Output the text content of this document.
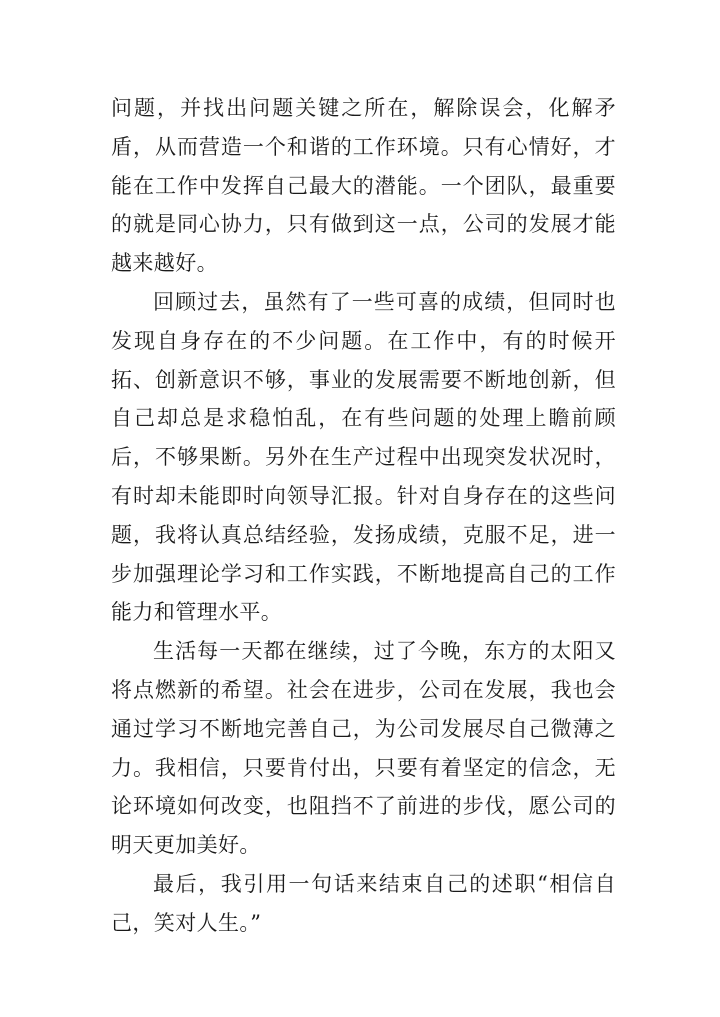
问题，并找出问题关键之所在，解除误会，化解矛盾，从而营造一个和谐的工作环境。只有心情好，才能在工作中发挥自己最大的潜能。一个团队，最重要的就是同心协力，只有做到这一点，公司的发展才能越来越好。

回顾过去，虽然有了一些可喜的成绩，但同时也发现自身存在的不少问题。在工作中，有的时候开拓、创新意识不够，事业的发展需要不断地创新，但自己却总是求稳怕乱，在有些问题的处理上瞻前顾后，不够果断。另外在生产过程中出现突发状况时，有时却未能即时向领导汇报。针对自身存在的这些问题，我将认真总结经验，发扬成绩，克服不足，进一步加强理论学习和工作实践，不断地提高自己的工作能力和管理水平。

生活每一天都在继续，过了今晚，东方的太阳又将点燃新的希望。社会在进步，公司在发展，我也会通过学习不断地完善自己，为公司发展尽自己微薄之力。我相信，只要肯付出，只要有着坚定的信念，无论环境如何改变，也阻挡不了前进的步伐，愿公司的明天更加美好。

最后，我引用一句话来结束自己的述职“相信自己，笑对人生。”
